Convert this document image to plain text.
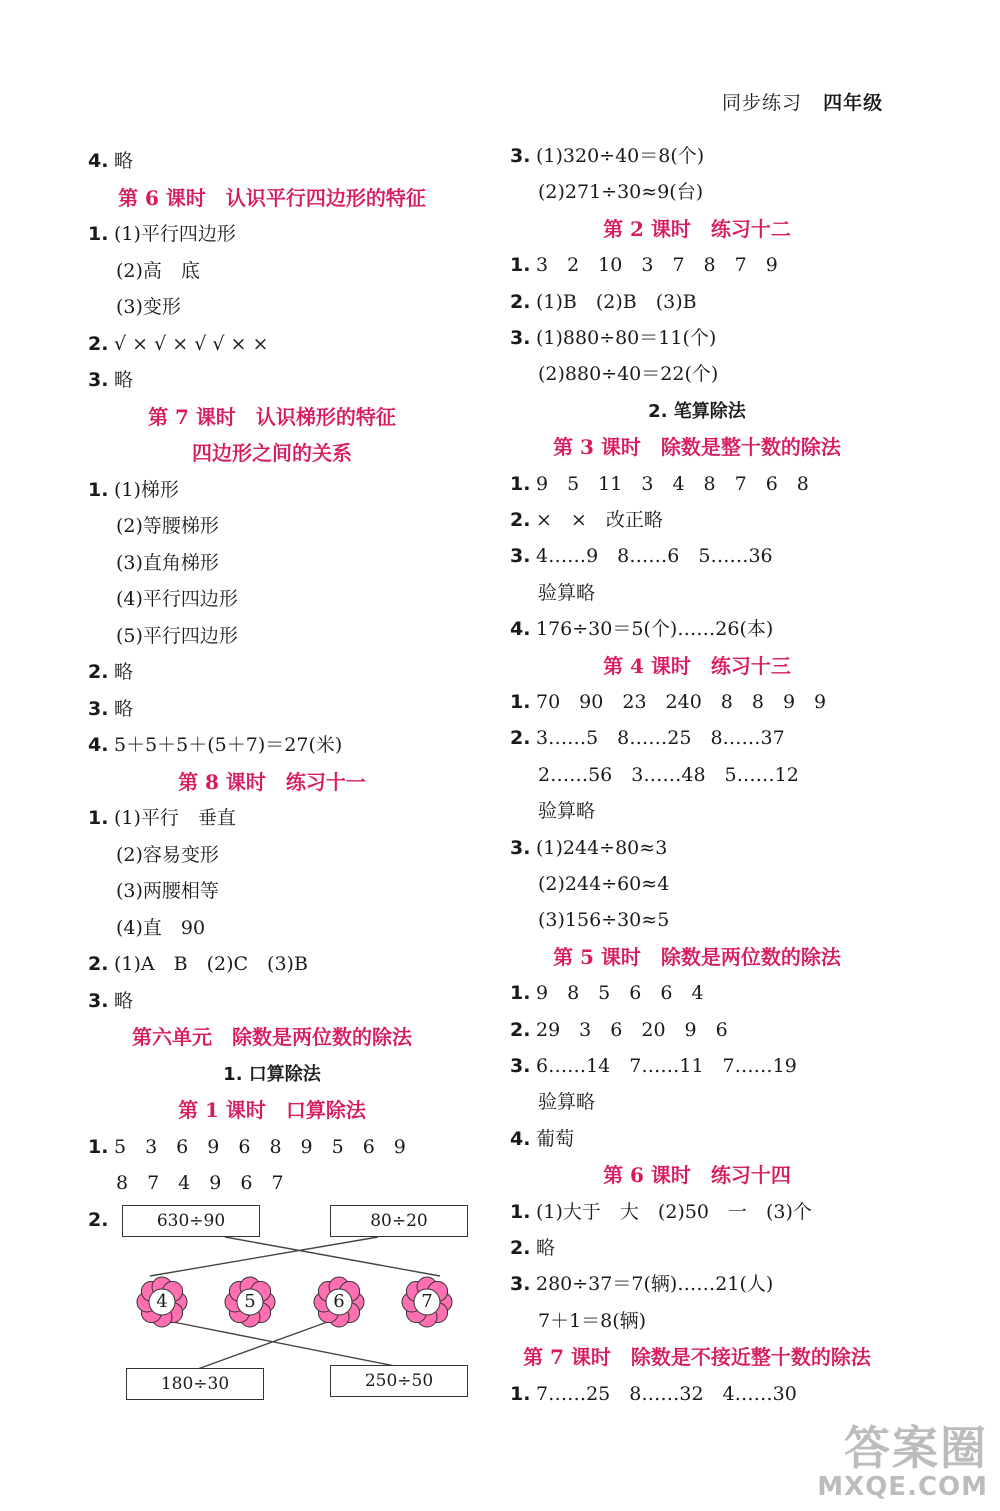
同步练习 四年级
4. 略
第 6 课时　认识平行四边形的特征
1. (1)平行四边形
(2)高　底
(3)变形
2. √ × √ × √ √ × ×
3. 略
第 7 课时　认识梯形的特征
四边形之间的关系
1. (1)梯形
(2)等腰梯形
(3)直角梯形
(4)平行四边形
(5)平行四边形
2. 略
3. 略
4. 5＋5＋5＋(5＋7)＝27(米)
第 8 课时　练习十一
1. (1)平行　垂直
(2)容易变形
(3)两腰相等
(4)直　90
2. (1)A　B　(2)C　(3)B
3. 略
第六单元　除数是两位数的除法
1. 口算除法
第 1 课时　口算除法
1. 5　3　6　9　6　8　9　5　6　9
8　7　4　9　6　7
2.
3. (1)320÷40＝8(个)
(2)271÷30≈9(台)
第 2 课时　练习十二
1. 3　2　10　3　7　8　7　9
2. (1)B　(2)B　(3)B
3. (1)880÷80＝11(个)
(2)880÷40＝22(个)
2. 笔算除法
第 3 课时　除数是整十数的除法
1. 9　5　11　3　4　8　7　6　8
2. ×　×　改正略
3. 4……9　8……6　5……36
验算略
4. 176÷30＝5(个)……26(本)
第 4 课时　练习十三
1. 70　90　23　240　8　8　9　9
2. 3……5　8……25　8……37
2……56　3……48　5……12
验算略
3. (1)244÷80≈3
(2)244÷60≈4
(3)156÷30≈5
第 5 课时　除数是两位数的除法
1. 9　8　5　6　6　4
2. 29　3　6　20　9　6
3. 6……14　7……11　7……19
验算略
4. 葡萄
第 6 课时　练习十四
1. (1)大于　大　(2)50　一　(3)个
2. 略
3. 280÷37＝7(辆)……21(人)
7＋1＝8(辆)
第 7 课时　除数是不接近整十数的除法
1. 7……25　8……32　4……30
630÷90	80÷20
4	5	6	7
180÷30	250÷50
答案圈
MXQE.COM
